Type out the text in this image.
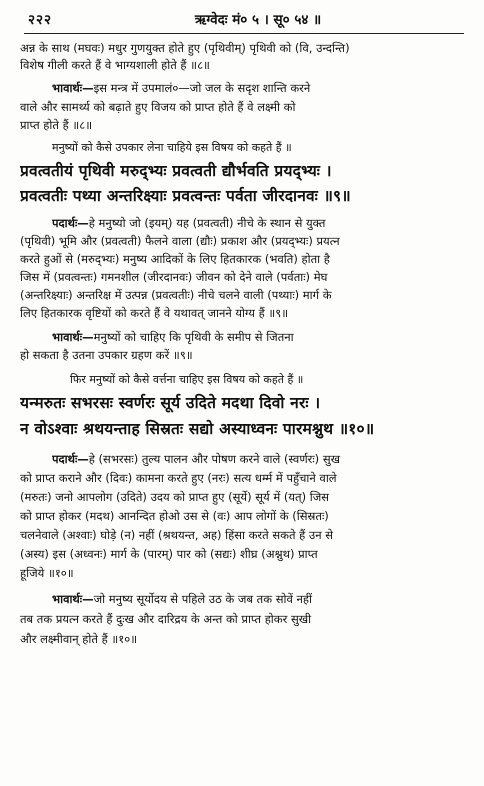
२२२	ऋग्वेदः मं० ५ । सू० ५४ ॥
अन्न के साथ (मघवः) मधुर गुणयुक्त होते हुए (पृथिवीम्) पृथिवी को (वि, उन्दन्ति)
विशेष गीली करते हैं वे भाग्यशाली होते हैं ॥८॥
भावार्थः—इस मन्त्र में उपमालं०—जो जल के सदृश शान्ति करने
वाले और सामर्थ्य को बढ़ाते हुए विजय को प्राप्त होते हैं वे लक्ष्मी को
प्राप्त होते हैं ॥८॥
मनुष्यों को कैसे उपकार लेना चाहिये इस विषय को कहते हैं ॥
प्रवत्वतीयं पृथिवी मरुद्भ्यः प्रवत्वती द्यौर्भवति प्रयद्भ्यः ।
प्रवत्वतीः पथ्या अन्तरिक्ष्याः प्रवत्वन्तः पर्वता जीरदानवः ॥९॥
पदार्थः—हे मनुष्यो जो (इयम्) यह (प्रवत्वती) नीचे के स्थान से युक्त
(पृथिवी) भूमि और (प्रवत्वती) फैलने वाला (द्यौः) प्रकाश और (प्रयद्भ्यः) प्रयत्न
करते हुओं से (मरुद्भ्यः) मनुष्य आदिकों के लिए हितकारक (भवति) होता है
जिस में (प्रवत्वन्तः) गमनशील (जीरदानवः) जीवन को देने वाले (पर्वताः) मेघ
(अन्तरिक्ष्याः) अन्तरिक्ष में उत्पन्न (प्रवत्वतीः) नीचे चलने वाली (पथ्याः) मार्ग के
लिए हितकारक वृष्टियों को करते हैं वे यथावत् जानने योग्य हैं ॥९॥
भावार्थः—मनुष्यों को चाहिए कि पृथिवी के समीप से जितना
हो सकता है उतना उपकार ग्रहण करें ॥९॥
फिर मनुष्यों को कैसे वर्त्तना चाहिए इस विषय को कहते हैं ॥
यन्मरुतः सभरसः स्वर्णरः सूर्य उदिते मदथा दिवो नरः ।
न वोऽश्वाः श्रथयन्ताह सिस्रतः सद्यो अस्याध्वनः पारमश्नुथ ॥१०॥
पदार्थः—हे (सभरसः) तुल्य पालन और पोषण करने वाले (स्वर्णरः) सुख
को प्राप्त कराने और (दिवः) कामना करते हुए (नरः) सत्य धर्म्म में पहुँचाने वाले
(मरुतः) जनो आपलोग (उदिते) उदय को प्राप्त हुए (सूर्ये) सूर्य में (यत्) जिस
को प्राप्त होकर (मदथ) आनन्दित होओ उस से (वः) आप लोगों के (सिस्रतः)
चलनेवाले (अश्वाः) घोड़े (न) नहीं (श्रथयन्त, अह) हिंसा करते सकते हैं उन से
(अस्य) इस (अध्वनः) मार्ग के (पारम्) पार को (सद्यः) शीघ्र (अश्नुथ) प्राप्त
हूजिये ॥१०॥
भावार्थः—जो मनुष्य सूर्योदय से पहिले उठ के जब तक सोवें नहीं
तब तक प्रयत्न करते हैं दुःख और दारिद्रय के अन्त को प्राप्त होकर सुखी
और लक्ष्मीवान् होते हैं ॥१०॥
